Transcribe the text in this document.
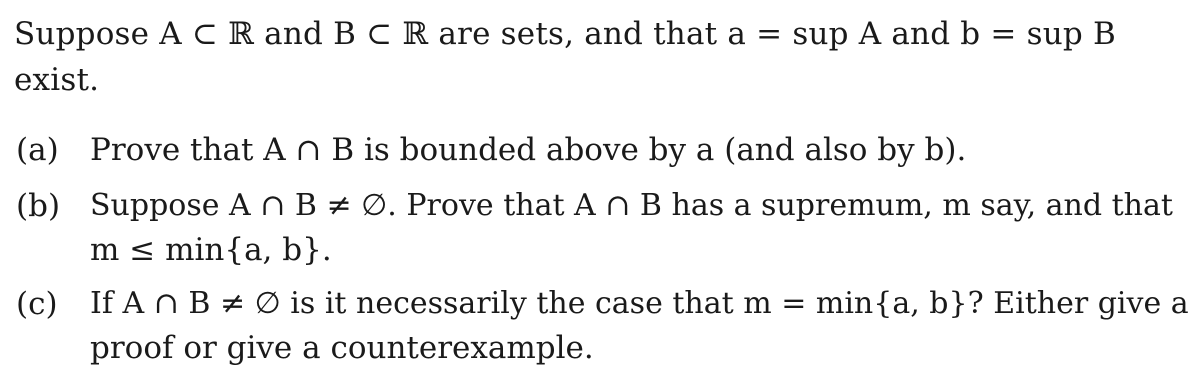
Suppose A ⊂ ℝ and B ⊂ ℝ are sets, and that a = sup A and b = sup B
exist.
(a) Prove that A ∩ B is bounded above by a (and also by b).
(b) Suppose A ∩ B ≠ ∅. Prove that A ∩ B has a supremum, m say, and that
m ≤ min{a, b}.
(c) If A ∩ B ≠ ∅ is it necessarily the case that m = min{a, b}? Either give a
proof or give a counterexample.
